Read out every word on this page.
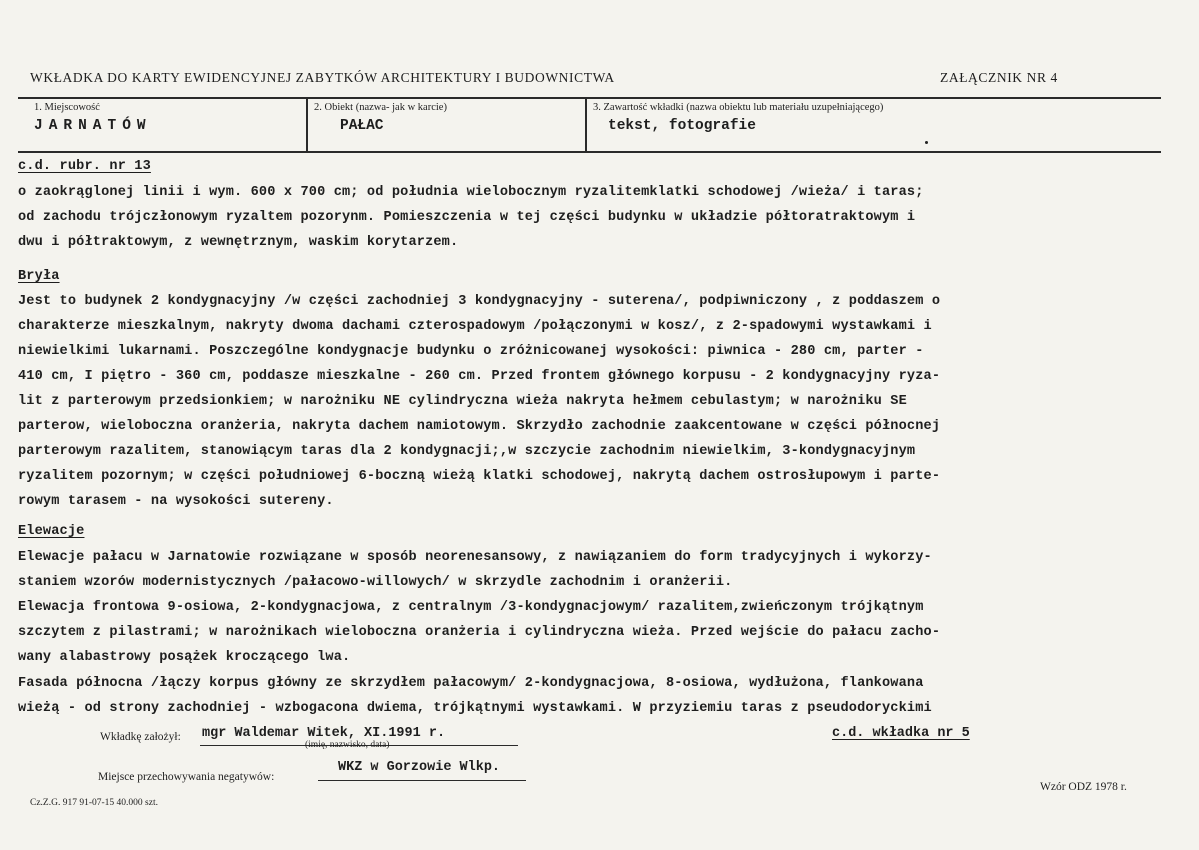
WKŁADKA DO KARTY EWIDENCYJNEJ ZABYTKÓW ARCHITEKTURY I BUDOWNICTWA	ZAŁĄCZNIK NR 4
1. Miejscowość
JARNATÓW
2. Obiekt (nazwa- jak w karcie)
PAŁAC
3. Zawartość wkładki (nazwa obiektu lub materiału uzupełniającego)
tekst, fotografie
c.d. rubr. nr 13
o zaokrąglonej linii i wym. 600 x 700 cm; od południa wielobocznym ryzalitemklatki schodowej /wieża/ i taras;
od zachodu trójczłonowym ryzaltem pozorynm. Pomieszczenia w tej części budynku w układzie półtoratraktowym i
dwu i półtraktowym, z wewnętrznym, waskim korytarzem.
Bryła
Jest to budynek 2 kondygnacyjny /w części zachodniej 3 kondygnacyjny - suterena/, podpiwniczony , z poddaszem o
charakterze mieszkalnym, nakryty dwoma dachami czterospadowym /połączonymi w kosz/, z 2-spadowymi wystawkami i
niewielkimi lukarnami. Poszczególne kondygnacje budynku o zróżnicowanej wysokości: piwnica - 280 cm, parter -
410 cm, I piętro - 360 cm, poddasze mieszkalne - 260 cm. Przed frontem głównego korpusu - 2 kondygnacyjny ryza-
lit z parterowym przedsionkiem; w narożniku NE cylindryczna wieża nakryta hełmem cebulastym; w narożniku SE
parterow, wieloboczna oranżeria, nakryta dachem namiotowym. Skrzydło zachodnie zaakcentowane w części północnej
parterowym razalitem, stanowiącym taras dla 2 kondygnacji;,w szczycie zachodnim niewielkim, 3-kondygnacyjnym
ryzalitem pozornym; w części południowej 6-boczną wieżą klatki schodowej, nakrytą dachem ostrosłupowym i parte-
rowym tarasem - na wysokości sutereny.
Elewacje
Elewacje pałacu w Jarnatowie rozwiązane w sposób neorenesansowy, z nawiązaniem do form tradycyjnych i wykorzy-
staniem wzorów modernistycznych /pałacowo-willowych/ w skrzydle zachodnim i oranżerii.
Elewacja frontowa 9-osiowa, 2-kondygnacjowa, z centralnym /3-kondygnacjowym/ razalitem,zwieńczonym trójkątnym
szczytem z pilastrami; w narożnikach wieloboczna oranżeria i cylindryczna wieża. Przed wejście do pałacu zacho-
wany alabastrowy posążek kroczącego lwa.
Fasada północna /łączy korpus główny ze skrzydłem pałacowym/ 2-kondygnacjowa, 8-osiowa, wydłużona, flankowana
wieżą - od strony zachodniej - wzbogacona dwiema, trójkątnymi wystawkami. W przyziemiu taras z pseudodoryckimi
Wkładkę założył: mgr Waldemar Witek, XI.1991 r.
(imię, nazwisko, data)
c.d. wkładka nr 5
Miejsce przechowywania negatywów:
WKZ w Gorzowie Wlkp.
Cz.Z.G. 917 91-07-15 40.000 szt.
Wzór ODZ 1978 r.
